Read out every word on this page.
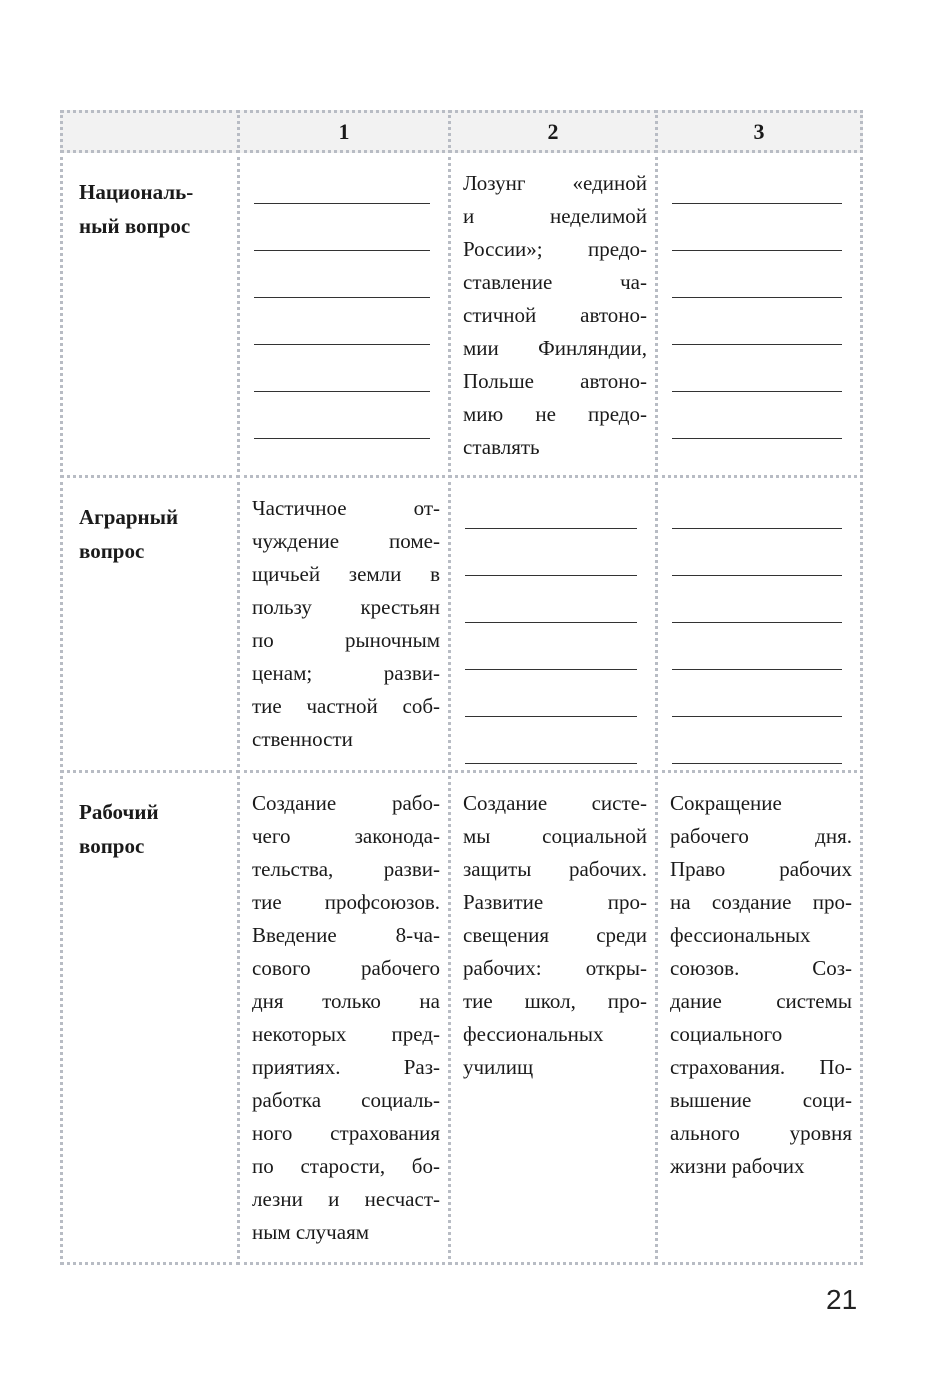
1	2	3
Националь-
ный вопрос
Лозунг «единой
и неделимой
России»; предо-
ставление ча-
стичной автоно-
мии Финляндии,
Польше автоно-
мию не предо-
ставлять
Аграрный
вопрос
Частичное от-
чуждение поме-
щичьей земли в
пользу крестьян
по рыночным
ценам; разви-
тие частной соб-
ственности
Рабочий
вопрос
Создание рабо-
чего законода-
тельства, разви-
тие профсоюзов.
Введение 8-ча-
сового рабочего
дня только на
некоторых пред-
приятиях. Раз-
работка социаль-
ного страхования
по старости, бо-
лезни и несчаст-
ным случаям
Создание систе-
мы социальной
защиты рабочих.
Развитие про-
свещения среди
рабочих: откры-
тие школ, про-
фессиональных
училищ
Сокращение
рабочего дня.
Право рабочих
на создание про-
фессиональных
союзов. Соз-
дание системы
социального
страхования. По-
вышение соци-
ального уровня
жизни рабочих
21
